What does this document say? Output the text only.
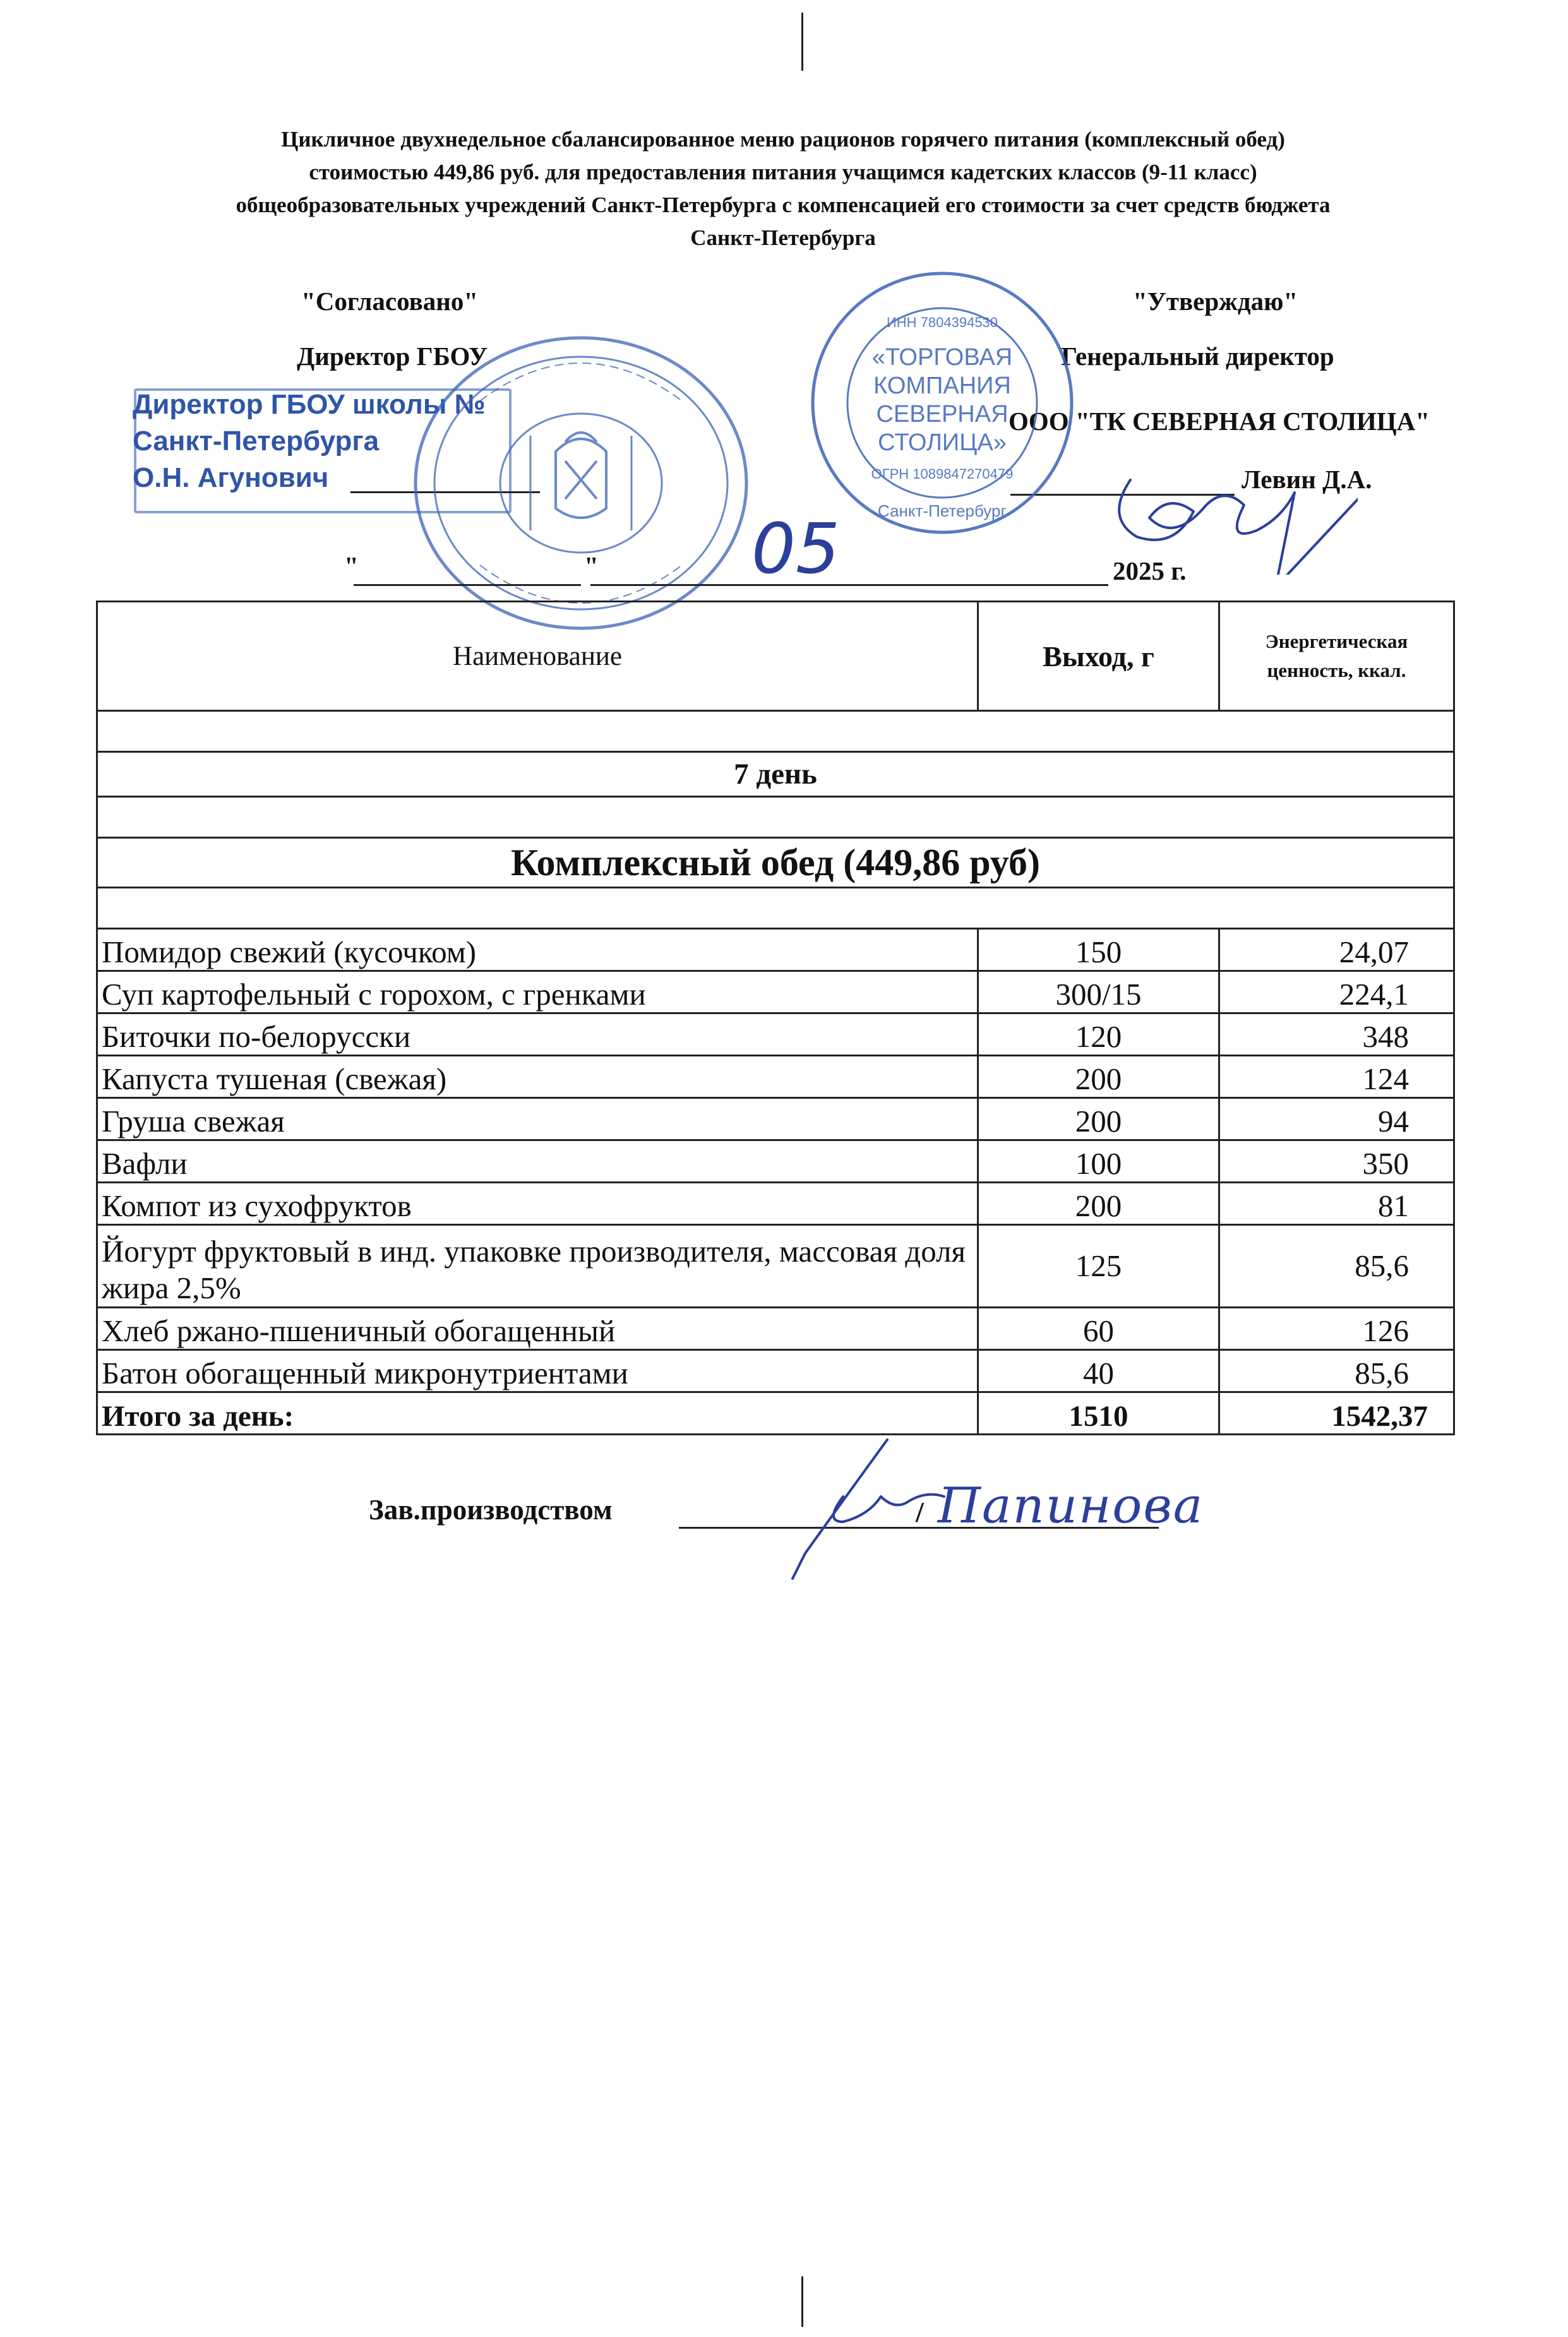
Цикличное двухнедельное сбалансированное меню рационов горячего питания (комплексный обед)
стоимостью 449,86 руб. для предоставления питания учащимся кадетских классов (9-11 класс)
общеобразовательных учреждений Санкт-Петербурга с компенсацией его стоимости за счет средств бюджета
Санкт-Петербурга
"Согласовано"
Директор ГБОУ
Директор ГБОУ школы №
Санкт-Петербурга
О.Н. Агунович
"Утверждаю"
Генеральный директор
ООО "ТК СЕВЕРНАЯ СТОЛИЦА"
Левин Д.А.
«ТОРГОВАЯ
КОМПАНИЯ
СЕВЕРНАЯ
СТОЛИЦА»
ИНН 7804394530
ОГРН 1089847270479
Санкт-Петербург
"	" 05	2025 г.
Наименование	Выход, г	Энергетическая ценность, ккал.

7 день		

Комплексный обед (449,86 руб)		

Помидор свежий (кусочком)	150	24,07
Суп картофельный с горохом, с гренками	300/15	224,1
Биточки по-белорусски	120	348
Капуста тушеная (свежая)	200	124
Груша свежая	200	94
Вафли	100	350
Компот из сухофруктов	200	81
Йогурт фруктовый в инд. упаковке производителя, массовая доля жира 2,5%	125	85,6
Хлеб ржано-пшеничный обогащенный	60	126
Батон обогащенный микронутриентами	40	85,6
Итого за день:	1510	1542,37
Зав.производством	/ Папинова
